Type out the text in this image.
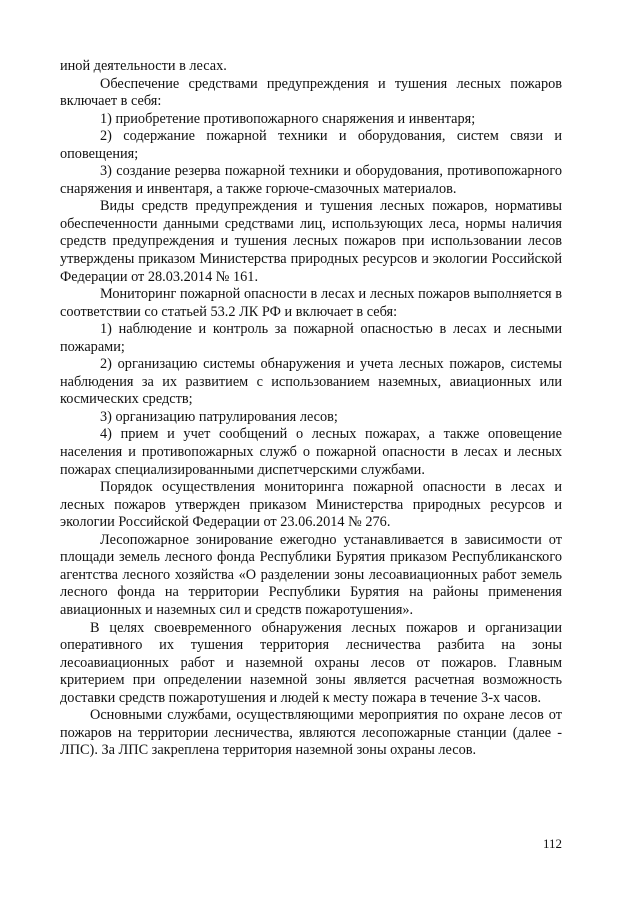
иной деятельности в лесах.

Обеспечение средствами предупреждения и тушения лесных пожаров включает в себя:

1) приобретение противопожарного снаряжения и инвентаря;

2) содержание пожарной техники и оборудования, систем связи и оповещения;

3) создание резерва пожарной техники и оборудования, противопожарного снаряжения и инвентаря, а также горюче-смазочных материалов.

Виды средств предупреждения и тушения лесных пожаров, нормативы обеспеченности данными средствами лиц, использующих леса, нормы наличия средств предупреждения и тушения лесных пожаров при использовании лесов утверждены приказом Министерства природных ресурсов и экологии Российской Федерации от 28.03.2014 № 161.

Мониторинг пожарной опасности в лесах и лесных пожаров выполняется в соответствии со статьей 53.2 ЛК РФ и включает в себя:

1) наблюдение и контроль за пожарной опасностью в лесах и лесными пожарами;

2) организацию системы обнаружения и учета лесных пожаров, системы наблюдения за их развитием с использованием наземных, авиационных или космических средств;

3) организацию патрулирования лесов;

4) прием и учет сообщений о лесных пожарах, а также оповещение населения и противопожарных служб о пожарной опасности в лесах и лесных пожарах специализированными диспетчерскими службами.

Порядок осуществления мониторинга пожарной опасности в лесах и лесных пожаров утвержден приказом Министерства природных ресурсов и экологии Российской Федерации от 23.06.2014 № 276.

Лесопожарное зонирование ежегодно устанавливается в зависимости от площади земель лесного фонда Республики Бурятия приказом Республиканского агентства лесного хозяйства «О разделении зоны лесоавиационных работ земель лесного фонда на территории Республики Бурятия на районы применения авиационных и наземных сил и средств пожаротушения».

В целях своевременного обнаружения лесных пожаров и организации оперативного их тушения территория лесничества разбита на зоны лесоавиационных работ и наземной охраны лесов от пожаров. Главным критерием при определении наземной зоны является расчетная возможность доставки средств пожаротушения и людей к месту пожара в течение 3-х часов.

Основными службами, осуществляющими мероприятия по охране лесов от пожаров на территории лесничества, являются лесопожарные станции (далее - ЛПС). За ЛПС закреплена территория наземной зоны охраны лесов.

112
